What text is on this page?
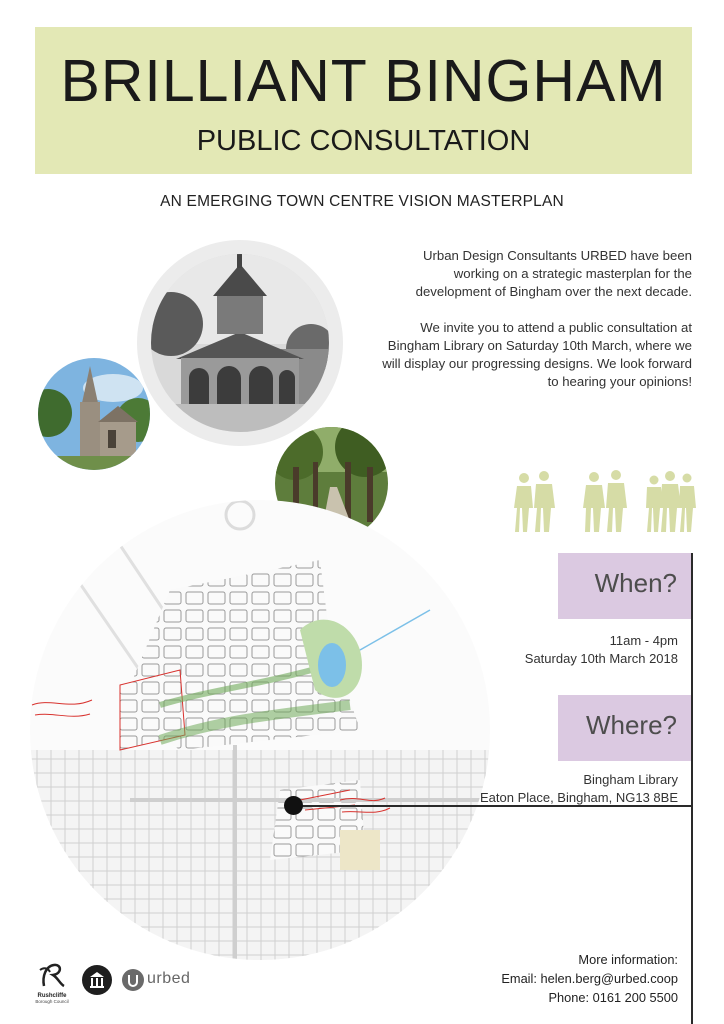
BRILLIANT BINGHAM
PUBLIC CONSULTATION
AN EMERGING TOWN CENTRE VISION MASTERPLAN

Urban Design Consultants URBED have been working on a strategic masterplan for the development of Bingham over the next decade.

We invite you to attend a public consultation at Bingham Library on Saturday 10th March, where we will display our progressing designs. We look forward to hearing your opinions!

When?
11am - 4pm
Saturday 10th March 2018
Where?
Bingham Library
Eaton Place, Bingham, NG13 8BE
More information:
Email: helen.berg@urbed.coop
Phone: 0161 200 5500
Rushcliffe
Borough Council
urbed
